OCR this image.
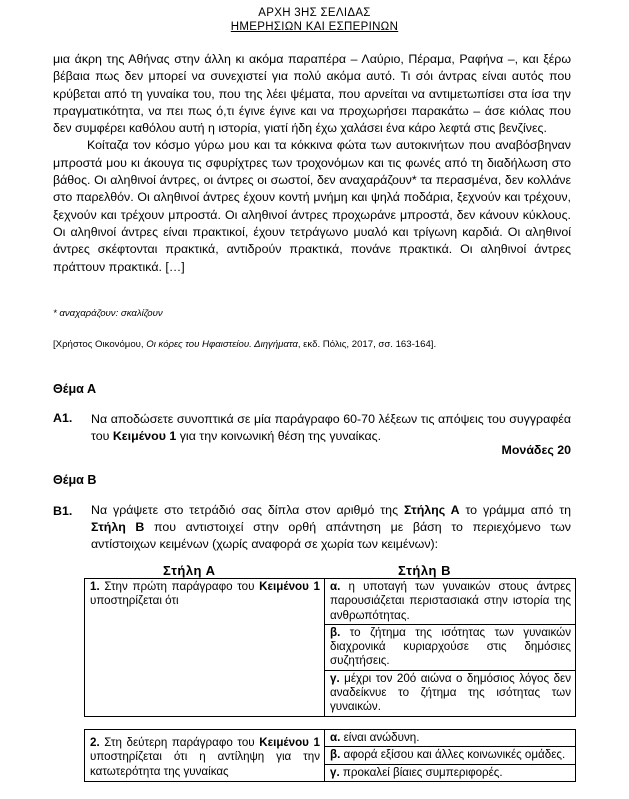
ΑΡΧΗ 3ΗΣ ΣΕΛΙΔΑΣ
ΗΜΕΡΗΣΙΩΝ ΚΑΙ ΕΣΠΕΡΙΝΩΝ

μια άκρη της Αθήνας στην άλλη κι ακόμα παραπέρα – Λαύριο, Πέραμα, Ραφήνα –, και ξέρω βέβαια πως δεν μπορεί να συνεχιστεί για πολύ ακόμα αυτό. Τι σόι άντρας είναι αυτός που κρύβεται από τη γυναίκα του, που της λέει ψέματα, που αρνείται να αντιμετωπίσει στα ίσα την πραγματικότητα, να πει πως ό,τι έγινε έγινε και να προχωρήσει παρακάτω – άσε κιόλας που δεν συμφέρει καθόλου αυτή η ιστορία, γιατί ήδη έχω χαλάσει ένα κάρο λεφτά στις βενζίνες.

Κοίταζα τον κόσμο γύρω μου και τα κόκκινα φώτα των αυτοκινήτων που αναβόσβηναν μπροστά μου κι άκουγα τις σφυρίχτρες των τροχονόμων και τις φωνές από τη διαδήλωση στο βάθος. Οι αληθινοί άντρες, οι άντρες οι σωστοί, δεν αναχαράζουν* τα περασμένα, δεν κολλάνε στο παρελθόν. Οι αληθινοί άντρες έχουν κοντή μνήμη και ψηλά ποδάρια, ξεχνούν και τρέχουν, ξεχνούν και τρέχουν μπροστά. Οι αληθινοί άντρες προχωράνε μπροστά, δεν κάνουν κύκλους. Οι αληθινοί άντρες είναι πρακτικοί, έχουν τετράγωνο μυαλό και τρίγωνη καρδιά. Οι αληθινοί άντρες σκέφτονται πρακτικά, αντιδρούν πρακτικά, πονάνε πρακτικά. Οι αληθινοί άντρες πράττουν πρακτικά. […]

* αναχαράζουν: σκαλίζουν
[Χρήστος Οικονόμου, Οι κόρες του Ηφαιστείου. Διηγήματα, εκδ. Πόλις, 2017, σσ. 163-164].
Θέμα Α
Α1. Να αποδώσετε συνοπτικά σε μία παράγραφο 60-70 λέξεων τις απόψεις του συγγραφέα του Κειμένου 1 για την κοινωνική θέση της γυναίκας.
Μονάδες 20
Θέμα Β
Β1. Να γράψετε στο τετράδιό σας δίπλα στον αριθμό της Στήλης Α το γράμμα από τη Στήλη Β που αντιστοιχεί στην ορθή απάντηση με βάση το περιεχόμενο των αντίστοιχων κειμένων (χωρίς αναφορά σε χωρία των κειμένων):
Στήλη Α	Στήλη Β
1. Στην πρώτη παράγραφο του Κειμένου 1 υποστηρίζεται ότι	α. η υποταγή των γυναικών στους άντρες παρουσιάζεται περιστασιακά στην ιστορία της ανθρωπότητας.
β. το ζήτημα της ισότητας των γυναικών διαχρονικά κυριαρχούσε στις δημόσιες συζητήσεις.
γ. μέχρι τον 20ό αιώνα ο δημόσιος λόγος δεν αναδείκνυε το ζήτημα της ισότητας των γυναικών.
2. Στη δεύτερη παράγραφο του Κειμένου 1 υποστηρίζεται ότι η αντίληψη για την κατωτερότητα της γυναίκας	α. είναι ανώδυνη.
β. αφορά εξίσου και άλλες κοινωνικές ομάδες.
γ. προκαλεί βίαιες συμπεριφορές.
